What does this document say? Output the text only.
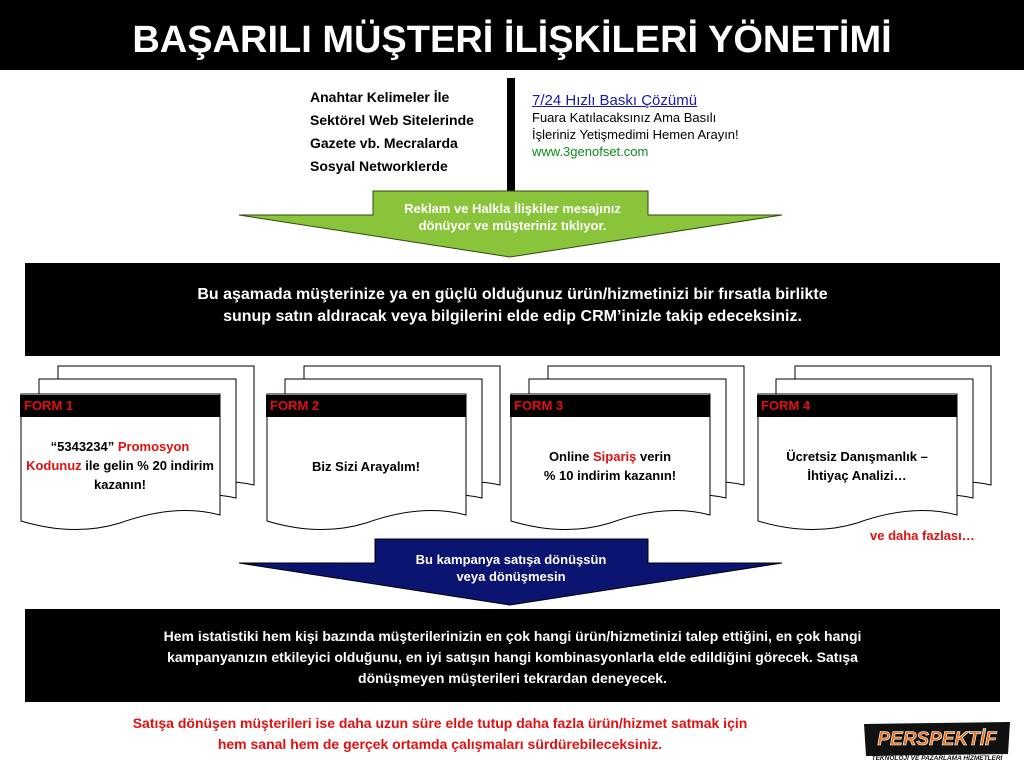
BAŞARILI MÜŞTERİ İLİŞKİLERİ YÖNETİMİ
Anahtar Kelimeler İle
Sektörel Web Sitelerinde
Gazete vb. Mecralarda
Sosyal Networklerde
7/24 Hızlı Baskı Çözümü
Fuara Katılacaksınız Ama Basılı
İşleriniz Yetişmedimi Hemen Arayın!
www.3genofset.com
Reklam ve Halkla İlişkiler mesajınız
dönüyor ve müşteriniz tıklıyor.
Bu aşamada müşterinize ya en güçlü olduğunuz ürün/hizmetinizi bir fırsatla birlikte
sunup satın aldıracak veya bilgilerini elde edip CRM’inizle takip edeceksiniz.
FORM 1
“5343234” Promosyon Kodunuz ile gelin % 20 indirim kazanın!
FORM 2
Biz Sizi Arayalım!
FORM 3
Online Sipariş verin
% 10 indirim kazanın!
FORM 4
Ücretsiz Danışmanlık –
İhtiyaç Analizi…
ve daha fazlası…
Bu kampanya satışa dönüşsün
veya dönüşmesin
Hem istatistiki hem kişi bazında müşterilerinizin en çok hangi ürün/hizmetinizi talep ettiğini, en çok hangi
kampanyanızın etkileyici olduğunu, en iyi satışın hangi kombinasyonlarla elde edildiğini görecek. Satışa
dönüşmeyen müşterileri tekrardan deneyecek.
Satışa dönüşen müşterileri ise daha uzun süre elde tutup daha fazla ürün/hizmet satmak için
hem sanal hem de gerçek ortamda çalışmaları sürdürebileceksiniz.	PERSPEKTİF
TEKNOLOJİ VE PAZARLAMA HİZMETLERİ
